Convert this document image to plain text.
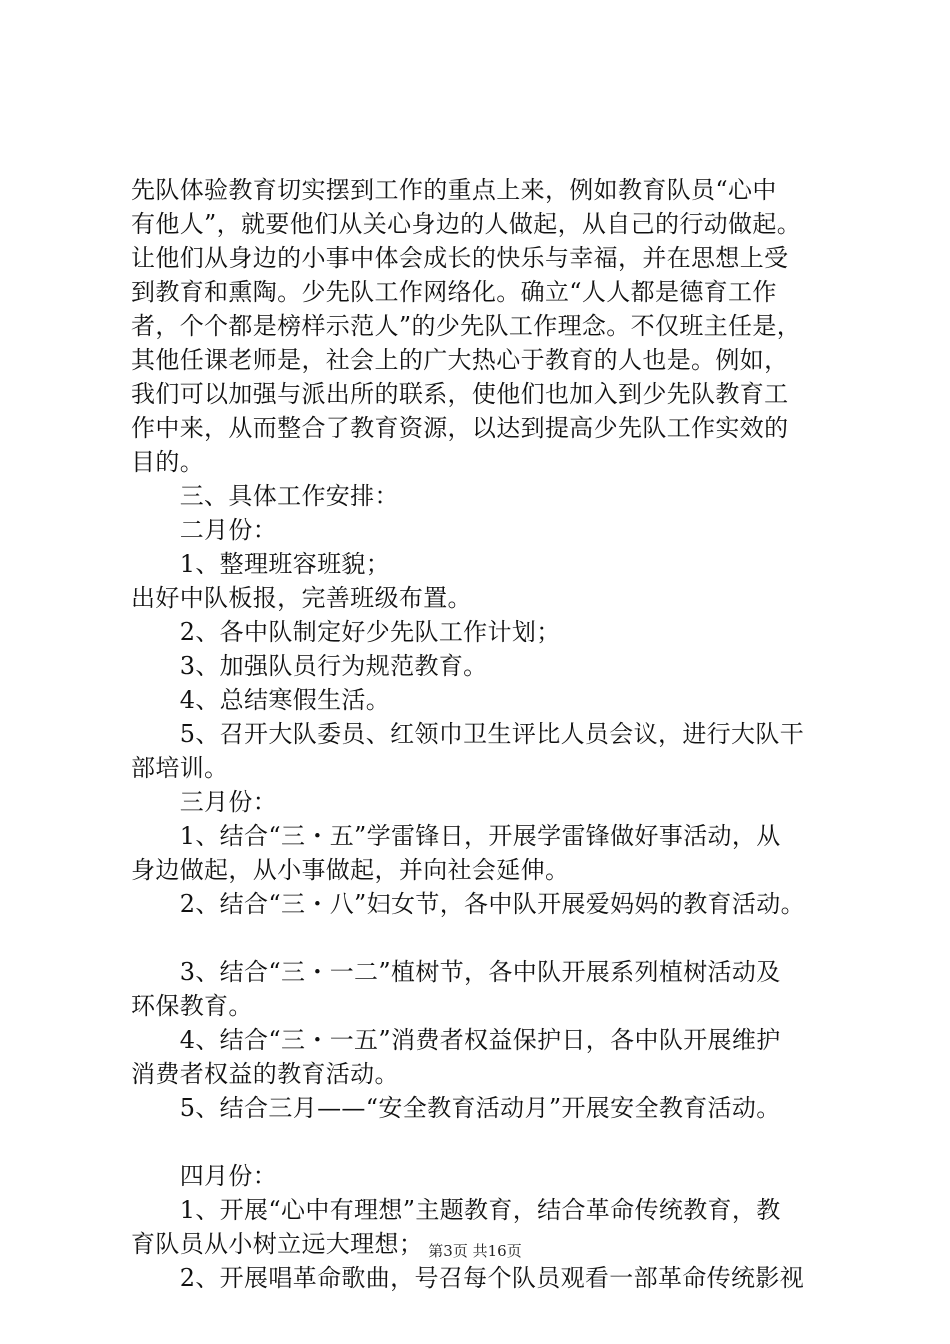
先队体验教育切实摆到工作的重点上来，例如教育队员“心中
有他人”，就要他们从关心身边的人做起，从自己的行动做起。
让他们从身边的小事中体会成长的快乐与幸福，并在思想上受
到教育和熏陶。少先队工作网络化。确立“人人都是德育工作
者，个个都是榜样示范人”的少先队工作理念。不仅班主任是，
其他任课老师是，社会上的广大热心于教育的人也是。例如，
我们可以加强与派出所的联系，使他们也加入到少先队教育工
作中来，从而整合了教育资源，以达到提高少先队工作实效的
目的。
　　三、具体工作安排：
　　二月份：
　　1、整理班容班貌；
出好中队板报，完善班级布置。
　　2、各中队制定好少先队工作计划；
　　3、加强队员行为规范教育。
　　4、总结寒假生活。
　　5、召开大队委员、红领巾卫生评比人员会议，进行大队干
部培训。
　　三月份：
　　1、结合“三・五”学雷锋日，开展学雷锋做好事活动，从
身边做起，从小事做起，并向社会延伸。
　　2、结合“三・八”妇女节，各中队开展爱妈妈的教育活动。
　　3、结合“三・一二”植树节，各中队开展系列植树活动及
环保教育。
　　4、结合“三・一五”消费者权益保护日，各中队开展维护
消费者权益的教育活动。
　　5、结合三月——“安全教育活动月”开展安全教育活动。
　　四月份：
　　1、开展“心中有理想”主题教育，结合革命传统教育，教
育队员从小树立远大理想；
　　2、开展唱革命歌曲，号召每个队员观看一部革命传统影视
第3页 共16页
